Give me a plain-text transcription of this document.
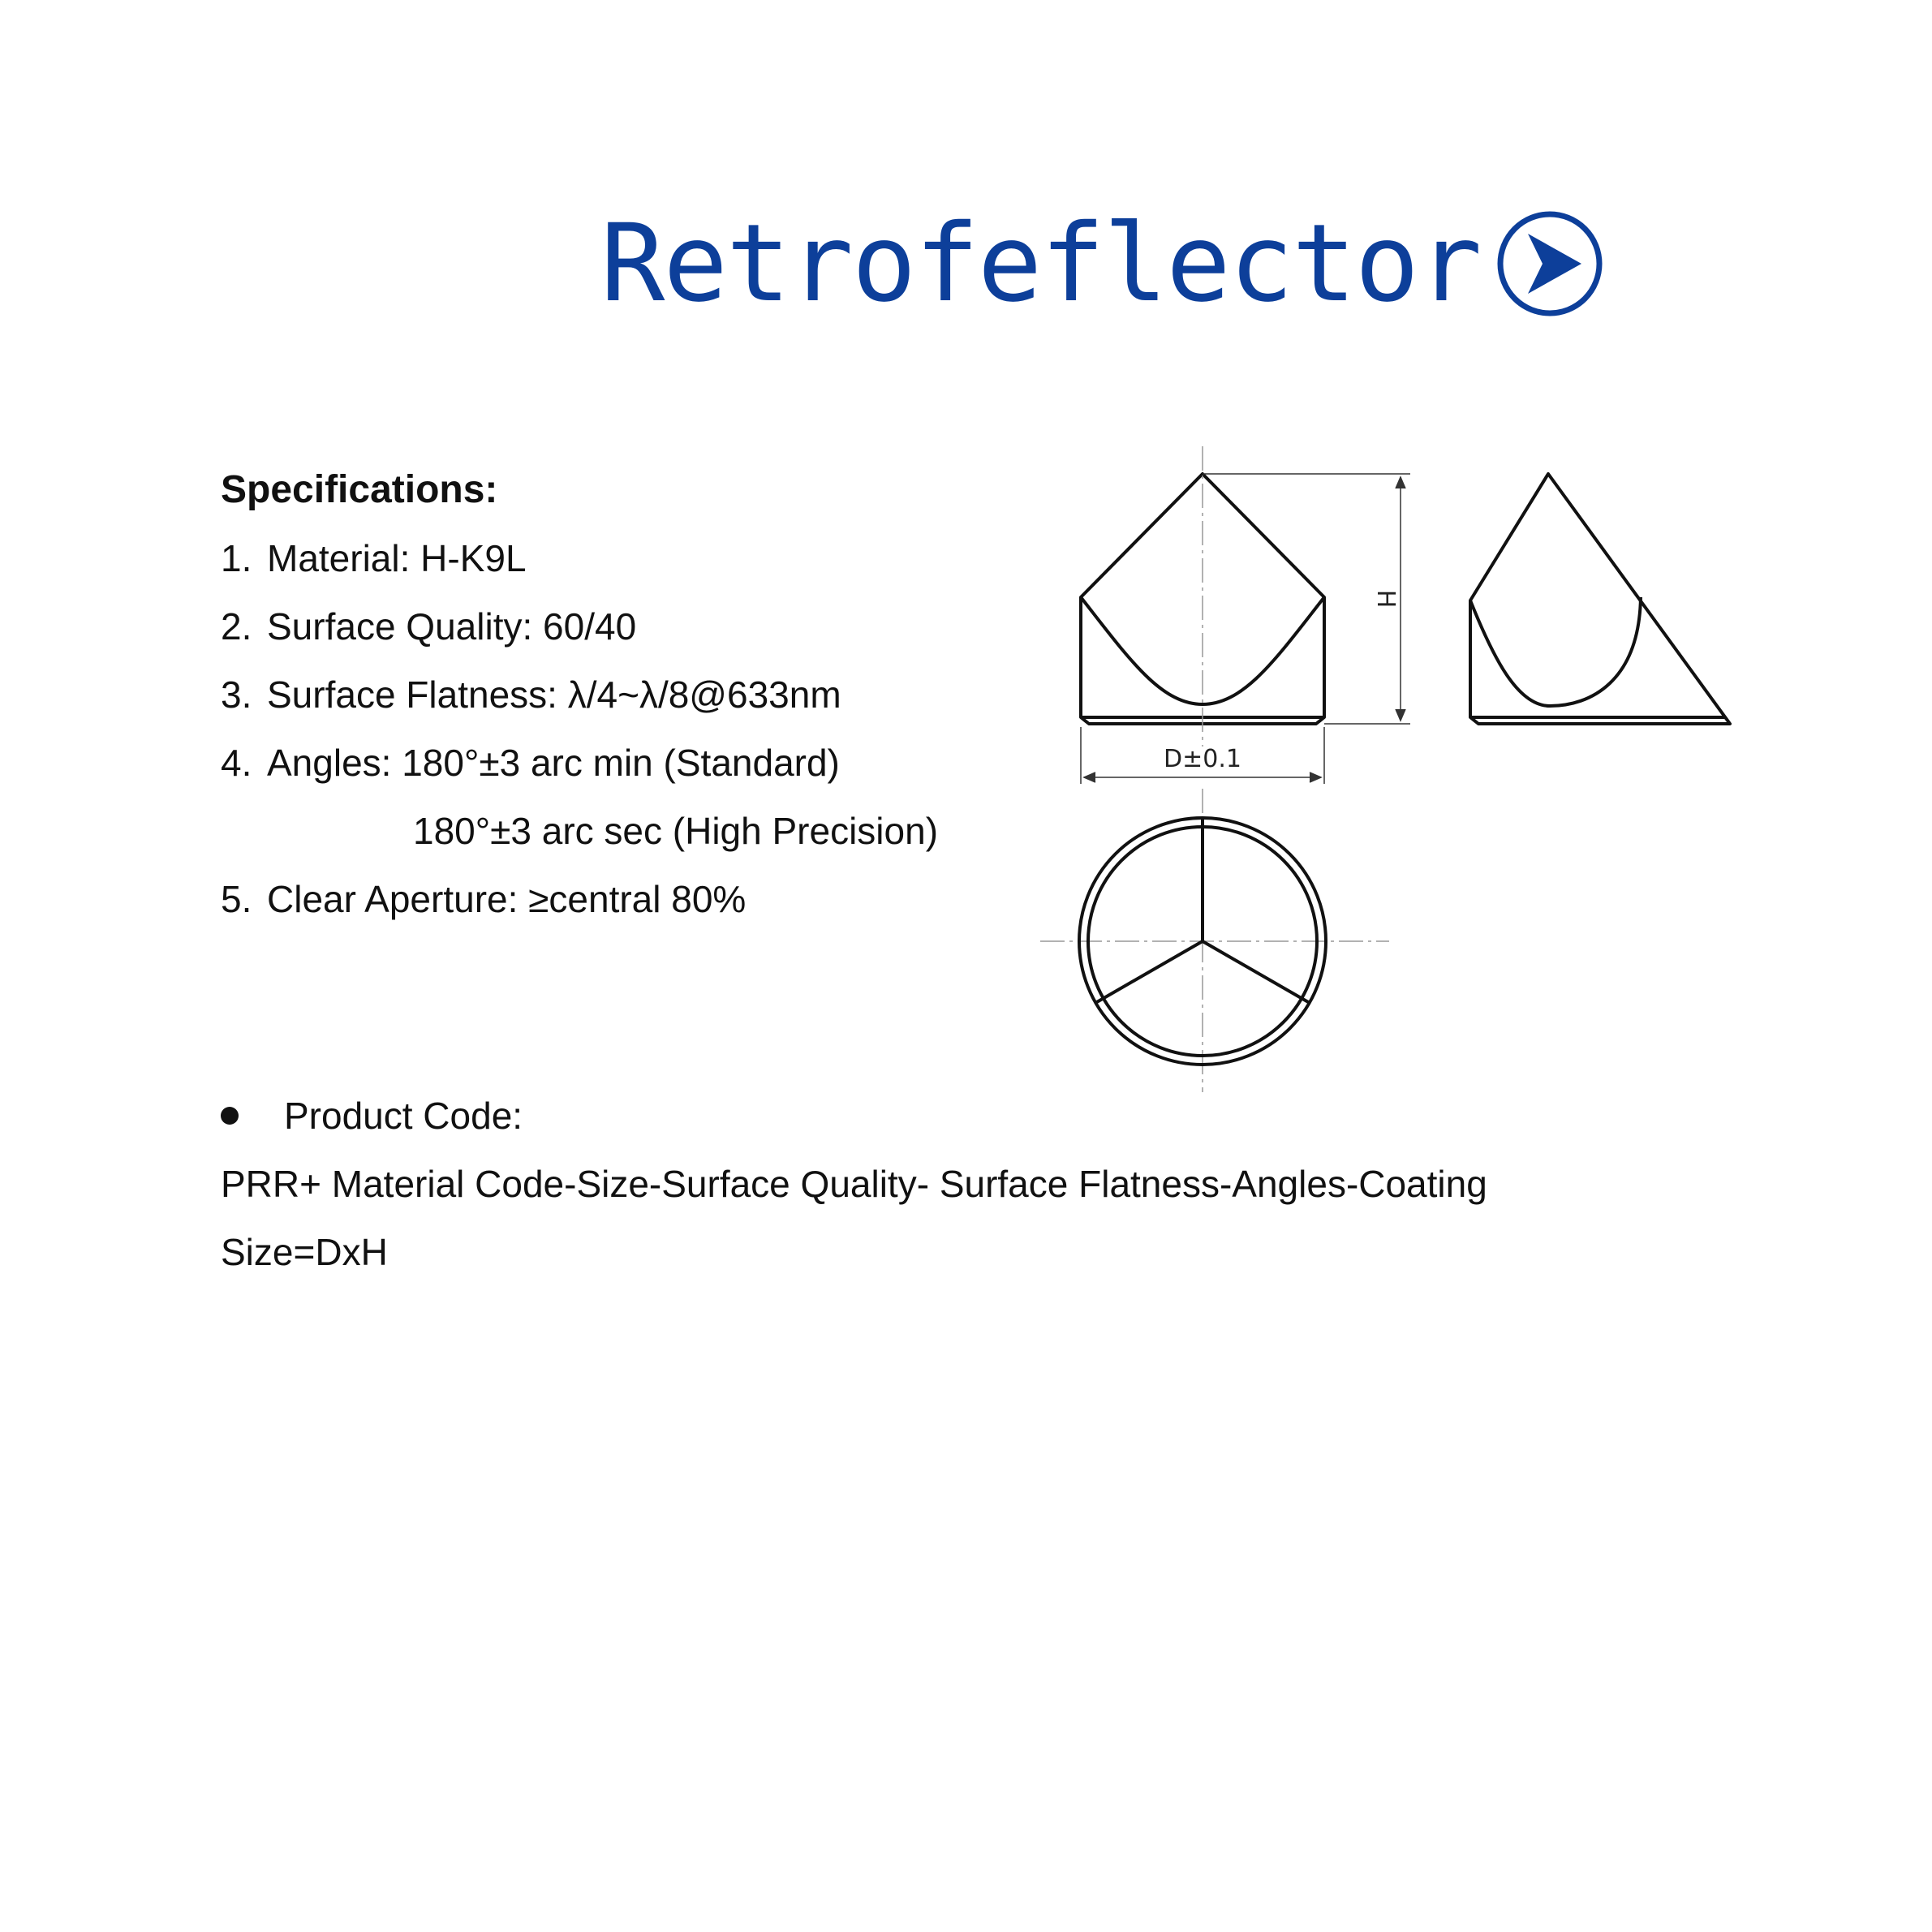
Retrofeflector
Specifications:
1. Material: H-K9L
2. Surface Quality: 60/40
3. Surface Flatness: λ/4~λ/8@633nm
4. Angles: 180°±3 arc min (Standard)
180°±3 arc sec (High Precision)
5. Clear Aperture: ≥central 80%
H
D±0.1
Product Code:
PRR+ Material Code-Size-Surface Quality- Surface Flatness-Angles-Coating
Size=DxH
